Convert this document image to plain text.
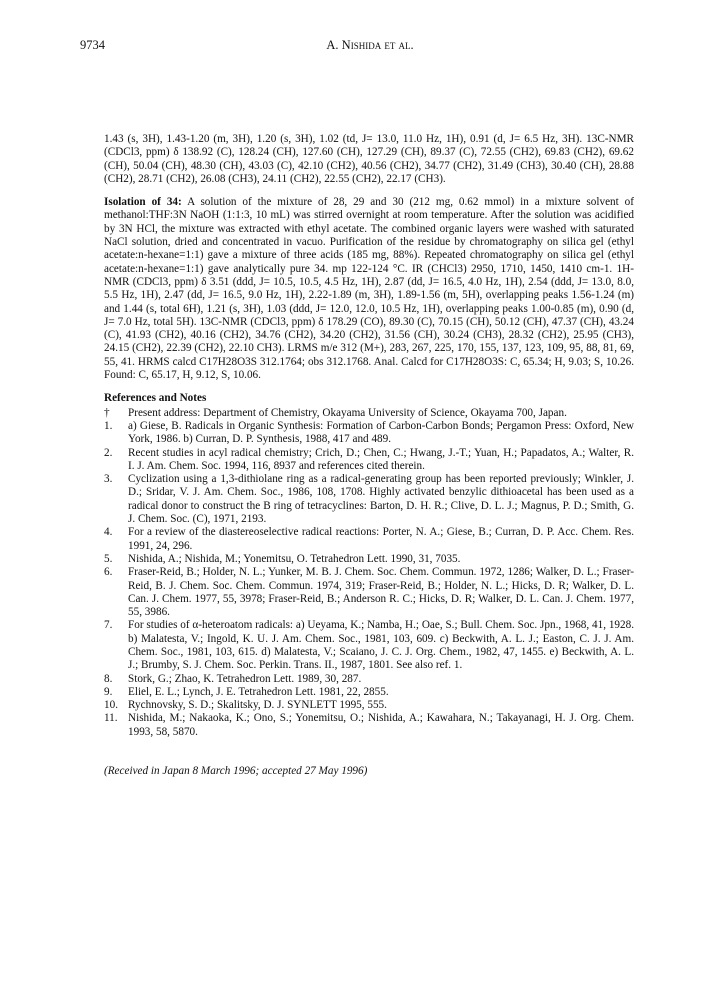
9734	A. Nishida et al.

1.43 (s, 3H), 1.43-1.20 (m, 3H), 1.20 (s, 3H), 1.02 (td, J= 13.0, 11.0 Hz, 1H), 0.91 (d, J= 6.5 Hz, 3H). 13C-NMR (CDCl3, ppm) δ 138.92 (C), 128.24 (CH), 127.60 (CH), 127.29 (CH), 89.37 (C), 72.55 (CH2), 69.83 (CH2), 69.62 (CH), 50.04 (CH), 48.30 (CH), 43.03 (C), 42.10 (CH2), 40.56 (CH2), 34.77 (CH2), 31.49 (CH3), 30.40 (CH), 28.88 (CH2), 28.71 (CH2), 26.08 (CH3), 24.11 (CH2), 22.55 (CH2), 22.17 (CH3).

Isolation of 34: A solution of the mixture of 28, 29 and 30 (212 mg, 0.62 mmol) in a mixture solvent of methanol:THF:3N NaOH (1:1:3, 10 mL) was stirred overnight at room temperature. After the solution was acidified by 3N HCl, the mixture was extracted with ethyl acetate. The combined organic layers were washed with saturated NaCl solution, dried and concentrated in vacuo. Purification of the residue by chromatography on silica gel (ethyl acetate:n-hexane=1:1) gave a mixture of three acids (185 mg, 88%). Repeated chromatography on silica gel (ethyl acetate:n-hexane=1:1) gave analytically pure 34. mp 122-124 °C. IR (CHCl3) 2950, 1710, 1450, 1410 cm-1. 1H-NMR (CDCl3, ppm) δ 3.51 (ddd, J= 10.5, 10.5, 4.5 Hz, 1H), 2.87 (dd, J= 16.5, 4.0 Hz, 1H), 2.54 (ddd, J= 13.0, 8.0, 5.5 Hz, 1H), 2.47 (dd, J= 16.5, 9.0 Hz, 1H), 2.22-1.89 (m, 3H), 1.89-1.56 (m, 5H), overlapping peaks 1.56-1.24 (m) and 1.44 (s, total 6H), 1.21 (s, 3H), 1.03 (ddd, J= 12.0, 12.0, 10.5 Hz, 1H), overlapping peaks 1.00-0.85 (m), 0.90 (d, J= 7.0 Hz, total 5H). 13C-NMR (CDCl3, ppm) δ 178.29 (CO), 89.30 (C), 70.15 (CH), 50.12 (CH), 47.37 (CH), 43.24 (C), 41.93 (CH2), 40.16 (CH2), 34.76 (CH2), 34.20 (CH2), 31.56 (CH), 30.24 (CH3), 28.32 (CH2), 25.95 (CH3), 24.15 (CH2), 22.39 (CH2), 22.10 CH3). LRMS m/e 312 (M+), 283, 267, 225, 170, 155, 137, 123, 109, 95, 88, 81, 69, 55, 41. HRMS calcd C17H28O3S 312.1764; obs 312.1768. Anal. Calcd for C17H28O3S: C, 65.34; H, 9.03; S, 10.26. Found: C, 65.17, H, 9.12, S, 10.06.

References and Notes
†	Present address: Department of Chemistry, Okayama University of Science, Okayama 700, Japan.
1.	a) Giese, B. Radicals in Organic Synthesis: Formation of Carbon-Carbon Bonds; Pergamon Press: Oxford, New York, 1986. b) Curran, D. P. Synthesis, 1988, 417 and 489.
2.	Recent studies in acyl radical chemistry; Crich, D.; Chen, C.; Hwang, J.-T.; Yuan, H.; Papadatos, A.; Walter, R. I. J. Am. Chem. Soc. 1994, 116, 8937 and references cited therein.
3.	Cyclization using a 1,3-dithiolane ring as a radical-generating group has been reported previously; Winkler, J. D.; Sridar, V. J. Am. Chem. Soc., 1986, 108, 1708. Highly activated benzylic dithioacetal has been used as a radical donor to construct the B ring of tetracyclines: Barton, D. H. R.; Clive, D. L. J.; Magnus, P. D.; Smith, G. J. Chem. Soc. (C), 1971, 2193.
4.	For a review of the diastereoselective radical reactions: Porter, N. A.; Giese, B.; Curran, D. P. Acc. Chem. Res. 1991, 24, 296.
5.	Nishida, A.; Nishida, M.; Yonemitsu, O. Tetrahedron Lett. 1990, 31, 7035.
6.	Fraser-Reid, B.; Holder, N. L.; Yunker, M. B. J. Chem. Soc. Chem. Commun. 1972, 1286; Walker, D. L.; Fraser-Reid, B. J. Chem. Soc. Chem. Commun. 1974, 319; Fraser-Reid, B.; Holder, N. L.; Hicks, D. R; Walker, D. L. Can. J. Chem. 1977, 55, 3978; Fraser-Reid, B.; Anderson R. C.; Hicks, D. R; Walker, D. L. Can. J. Chem. 1977, 55, 3986.
7.	For studies of α-heteroatom radicals: a) Ueyama, K.; Namba, H.; Oae, S.; Bull. Chem. Soc. Jpn., 1968, 41, 1928. b) Malatesta, V.; Ingold, K. U. J. Am. Chem. Soc., 1981, 103, 609. c) Beckwith, A. L. J.; Easton, C. J. J. Am. Chem. Soc., 1981, 103, 615. d) Malatesta, V.; Scaiano, J. C. J. Org. Chem., 1982, 47, 1455. e) Beckwith, A. L. J.; Brumby, S. J. Chem. Soc. Perkin. Trans. II., 1987, 1801. See also ref. 1.
8.	Stork, G.; Zhao, K. Tetrahedron Lett. 1989, 30, 287.
9.	Eliel, E. L.; Lynch, J. E. Tetrahedron Lett. 1981, 22, 2855.
10. Rychnovsky, S. D.; Skalitsky, D. J. SYNLETT 1995, 555.
11. Nishida, M.; Nakaoka, K.; Ono, S.; Yonemitsu, O.; Nishida, A.; Kawahara, N.; Takayanagi, H. J. Org. Chem. 1993, 58, 5870.
(Received in Japan 8 March 1996; accepted 27 May 1996)
